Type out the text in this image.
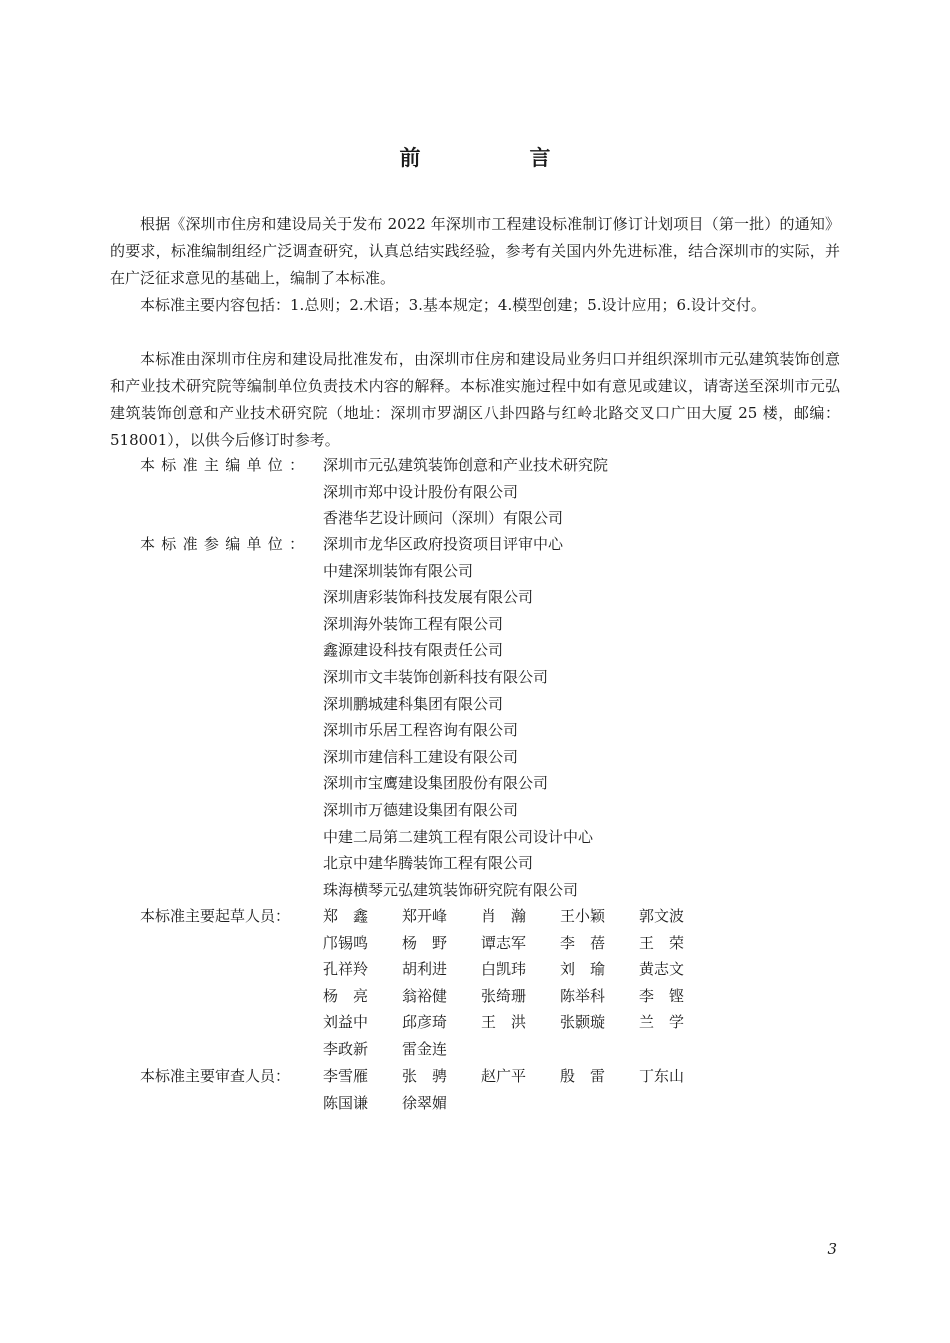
前　言

根据《深圳市住房和建设局关于发布 2022 年深圳市工程建设标准制订修订计划项目（第一批）的通知》的要求，标准编制组经广泛调查研究，认真总结实践经验，参考有关国内外先进标准，结合深圳市的实际，并在广泛征求意见的基础上，编制了本标准。

本标准主要内容包括：1.总则；2.术语；3.基本规定；4.模型创建；5.设计应用；6.设计交付。

本标准由深圳市住房和建设局批准发布，由深圳市住房和建设局业务归口并组织深圳市元弘建筑装饰创意和产业技术研究院等编制单位负责技术内容的解释。本标准实施过程中如有意见或建议，请寄送至深圳市元弘建筑装饰创意和产业技术研究院（地址：深圳市罗湖区八卦四路与红岭北路交叉口广田大厦 25 楼，邮编：518001），以供今后修订时参考。

本标准主编单位： 深圳市元弘建筑装饰创意和产业技术研究院
深圳市郑中设计股份有限公司
香港华艺设计顾问（深圳）有限公司
本标准参编单位： 深圳市龙华区政府投资项目评审中心
中建深圳装饰有限公司
深圳唐彩装饰科技发展有限公司
深圳海外装饰工程有限公司
鑫源建设科技有限责任公司
深圳市文丰装饰创新科技有限公司
深圳鹏城建科集团有限公司
深圳市乐居工程咨询有限公司
深圳市建信科工建设有限公司
深圳市宝鹰建设集团股份有限公司
深圳市万德建设集团有限公司
中建二局第二建筑工程有限公司设计中心
北京中建华腾装饰工程有限公司
珠海横琴元弘建筑装饰研究院有限公司
本标准主要起草人员：	郑　鑫	郑开峰	肖　瀚	王小颖	郭文波
邝锡鸣	杨　野	谭志军	李　蓓	王　荣
孔祥羚	胡利进	白凯玮	刘　瑜	黄志文
杨　亮	翁裕健	张绮珊	陈举科	李　铿
刘益中	邱彦琦	王　洪	张颢璇	兰　学
李政新	雷金连
本标准主要审查人员：	李雪雁	张　骋	赵广平	殷　雷	丁东山
陈国谦	徐翠媚
3
